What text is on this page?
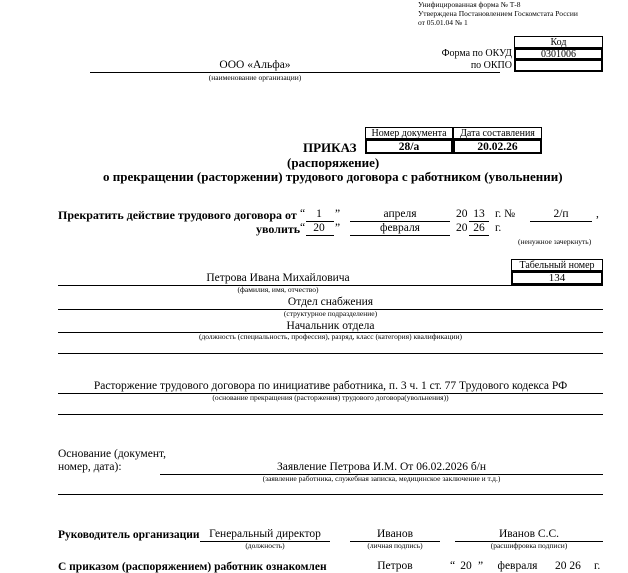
Унифицированная форма № Т-8
Утверждена Постановлением Госкомстата России
от 05.01.04 № 1
Код
Форма по ОКУД	0301006
по ОКПО
ООО «Альфа»
(наименование организации)
Номер документа	Дата составления
28/а	20.02.26
ПРИКАЗ
(распоряжение)
о прекращении (расторжении) трудового договора с работником (увольнении)
Прекратить действие трудового договора от “ 1	”	апреля	20 13 г. №	2/п	,
уволить “ 20 ”	февраля	20 26 г.
(ненужное зачеркнуть)
Табельный номер
134
Петрова Ивана Михайловича
(фамилия, имя, отчество)
Отдел снабжения
(структурное подразделение)
Начальник отдела
(должность (специальность, профессия), разряд, класс (категория) квалификации)
Расторжение трудового договора по инициативе работника, п. 3 ч. 1 ст. 77 Трудового кодекса РФ
(основание прекращения (расторжения) трудового договора(увольнения))
Основание (документ,
номер, дата):	Заявление Петрова И.М. От 06.02.2026 б/н
(заявление работника, служебная записка, медицинское заключение и т.д.)
Руководитель организации Генеральный директор
(должность)
Иванов
(личная подпись)
Иванов С.С.
(расшифровка подписи)
С приказом (распоряжением) работник ознакомлен	Петров	“ 20 ” февраля 20 26 г.
